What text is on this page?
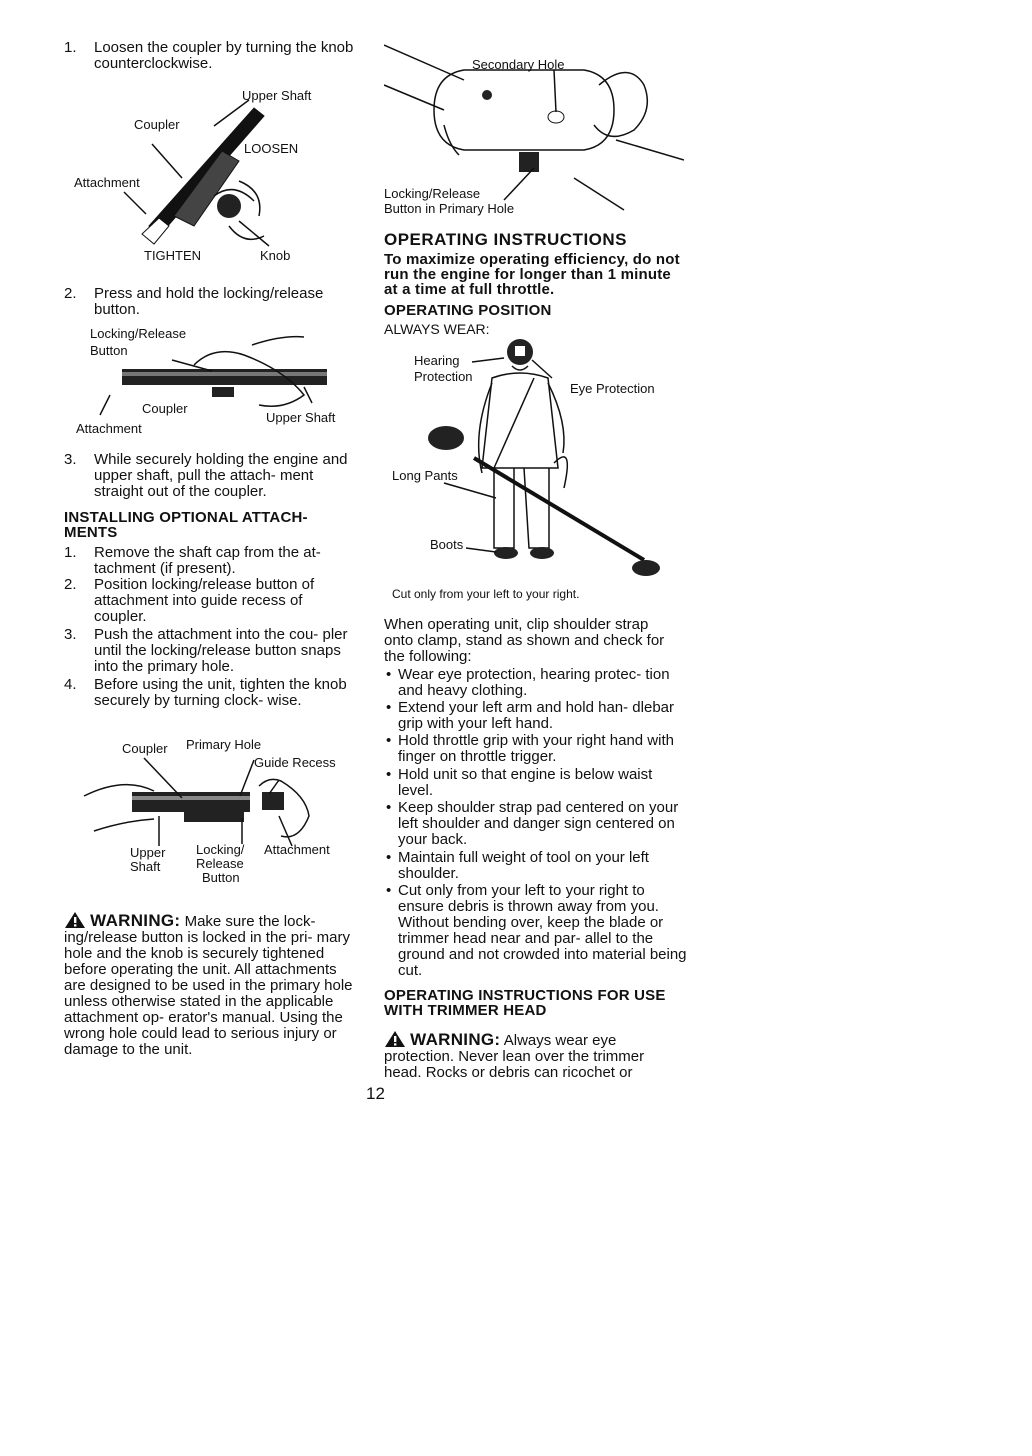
1.	Loosen the coupler by turning the knob counterclockwise.
Upper Shaft
Coupler
LOOSEN
Attachment
TIGHTEN	Knob
2.	Press and hold the locking/release button.
Locking/Release
Button
Coupler
Upper Shaft
Attachment
3.	While securely holding the engine and upper shaft, pull the attach- ment straight out of the coupler.
INSTALLING OPTIONAL ATTACH- MENTS
1.	Remove the shaft cap from the at- tachment (if present).
2.	Position locking/release button of attachment into guide recess of coupler.
3.	Push the attachment into the cou- pler until the locking/release button snaps into the primary hole.
4.	Before using the unit, tighten the knob securely by turning clock- wise.
Coupler Primary Hole
Guide Recess
Upper
Shaft
Locking/
Release
Button
Attachment

WARNING: Make sure the lock- ing/release button is locked in the pri- mary hole and the knob is securely tightened before operating the unit. All attachments are designed to be used in the primary hole unless otherwise stated in the applicable attachment op- erator's manual. Using the wrong hole could lead to serious injury or damage to the unit.

Secondary Hole
Locking/Release
Button in Primary Hole
OPERATING INSTRUCTIONS
To maximize operating efficiency, do not run the engine for longer than 1 minute at a time at full throttle.
OPERATING POSITION
ALWAYS WEAR:
Hearing
Protection
Eye Protection
Long Pants
Boots
Cut only from your left to your right.
When operating unit, clip shoulder strap onto clamp, stand as shown and check for the following:
• Wear eye protection, hearing protec- tion and heavy clothing.
• Extend your left arm and hold han- dlebar grip with your left hand.
• Hold throttle grip with your right hand with finger on throttle trigger.
• Hold unit so that engine is below waist level.
• Keep shoulder strap pad centered on your left shoulder and danger sign centered on your back.
• Maintain full weight of tool on your left shoulder.
• Cut only from your left to your right to ensure debris is thrown away from you. Without bending over, keep the blade or trimmer head near and par- allel to the ground and not crowded into material being cut.
OPERATING INSTRUCTIONS FOR USE WITH TRIMMER HEAD

WARNING: Always wear eye protection. Never lean over the trimmer head. Rocks or debris can ricochet or

12
